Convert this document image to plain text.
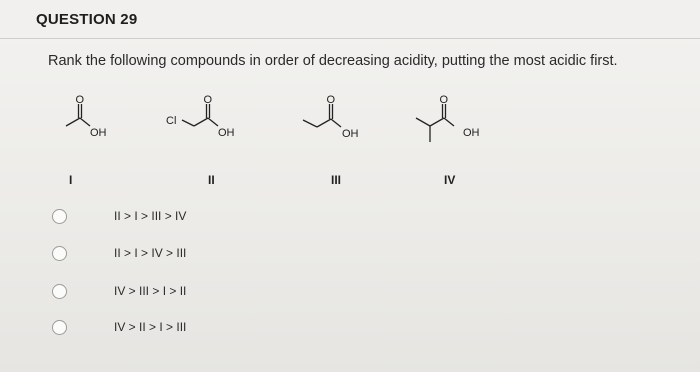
QUESTION 29
Rank the following compounds in order of decreasing acidity, putting the most acidic first.
O
OH
Cl
O
OH
O
OH
O
OH
I	II	III	IV
II > I > III > IV
II > I > IV > III
IV > III > I > II
IV > II > I > III
